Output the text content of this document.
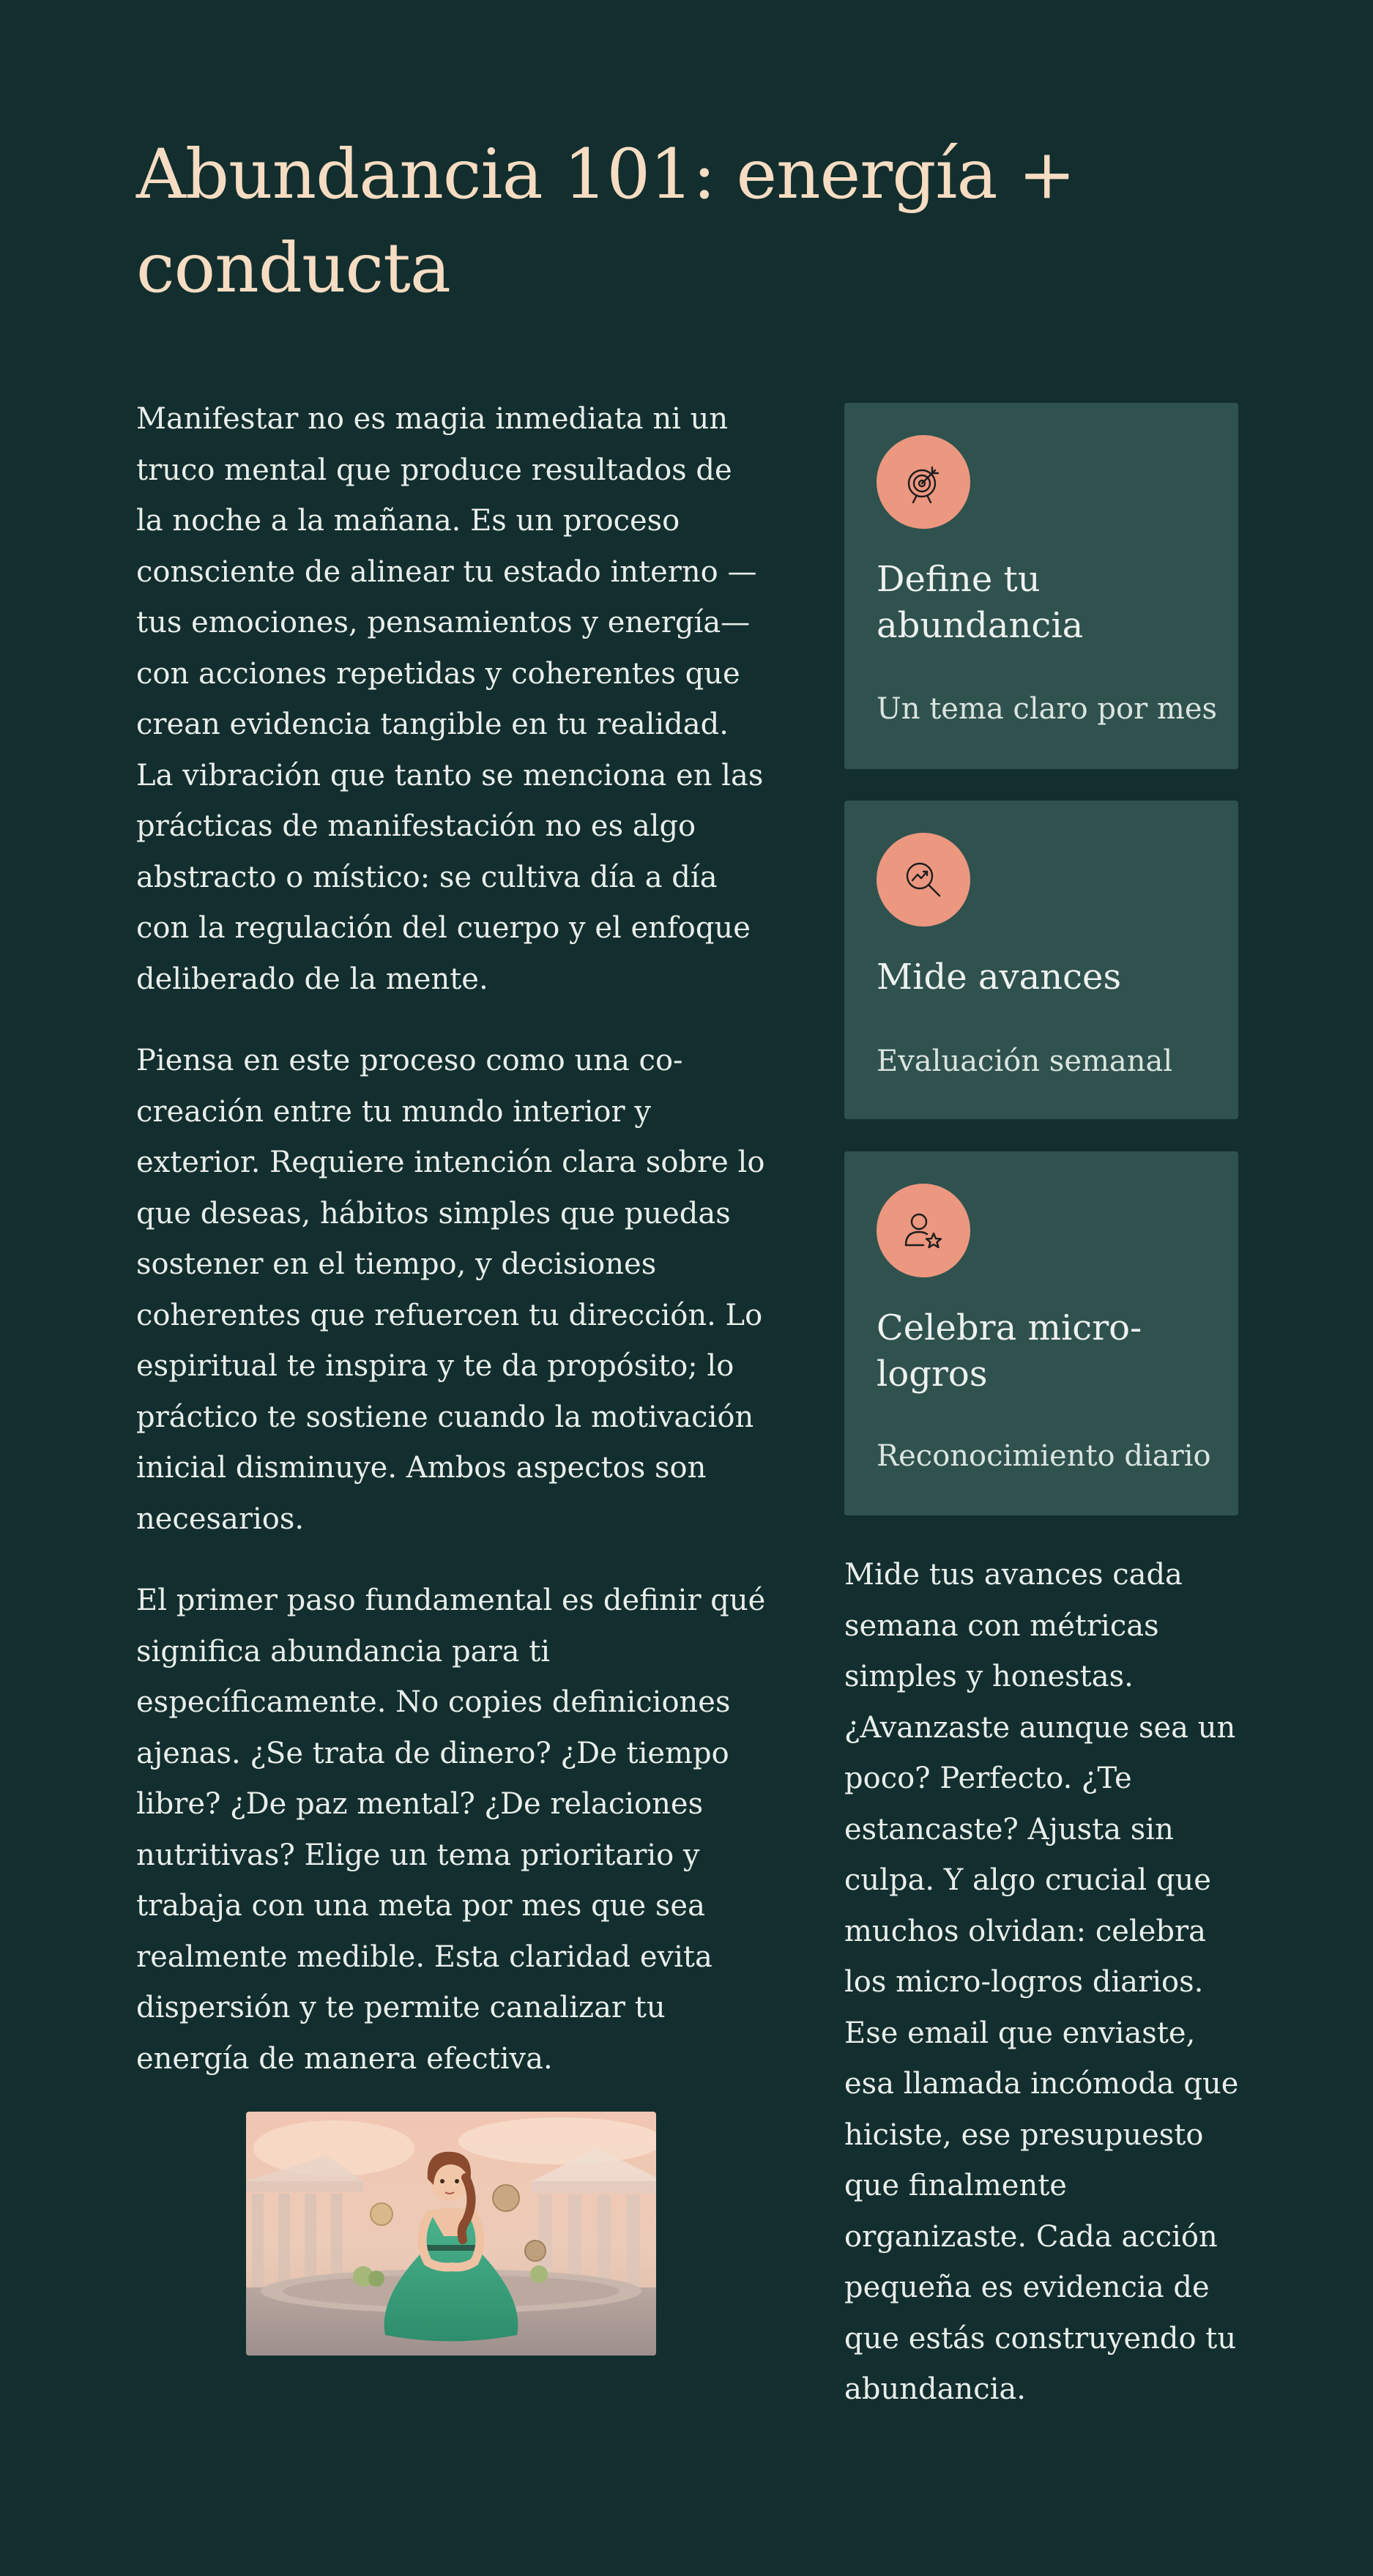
Abundancia 101: energía + conducta

Manifestar no es magia inmediata ni un truco mental que produce resultados de la noche a la mañana. Es un proceso consciente de alinear tu estado interno —tus emociones, pensamientos y energía— con acciones repetidas y coherentes que crean evidencia tangible en tu realidad. La vibración que tanto se menciona en las prácticas de manifestación no es algo abstracto o místico: se cultiva día a día con la regulación del cuerpo y el enfoque deliberado de la mente.

Piensa en este proceso como una co-creación entre tu mundo interior y exterior. Requiere intención clara sobre lo que deseas, hábitos simples que puedas sostener en el tiempo, y decisiones coherentes que refuercen tu dirección. Lo espiritual te inspira y te da propósito; lo práctico te sostiene cuando la motivación inicial disminuye. Ambos aspectos son necesarios.

El primer paso fundamental es definir qué significa abundancia para ti específicamente. No copies definiciones ajenas. ¿Se trata de dinero? ¿De tiempo libre? ¿De paz mental? ¿De relaciones nutritivas? Elige un tema prioritario y trabaja con una meta por mes que sea realmente medible. Esta claridad evita dispersión y te permite canalizar tu energía de manera efectiva.

Define tu abundancia
Un tema claro por mes
Mide avances
Evaluación semanal
Celebra micro-logros
Reconocimiento diario

Mide tus avances cada semana con métricas simples y honestas. ¿Avanzaste aunque sea un poco? Perfecto. ¿Te estancaste? Ajusta sin culpa. Y algo crucial que muchos olvidan: celebra los micro-logros diarios. Ese email que enviaste, esa llamada incómoda que hiciste, ese presupuesto que finalmente organizaste. Cada acción pequeña es evidencia de que estás construyendo tu abundancia.
